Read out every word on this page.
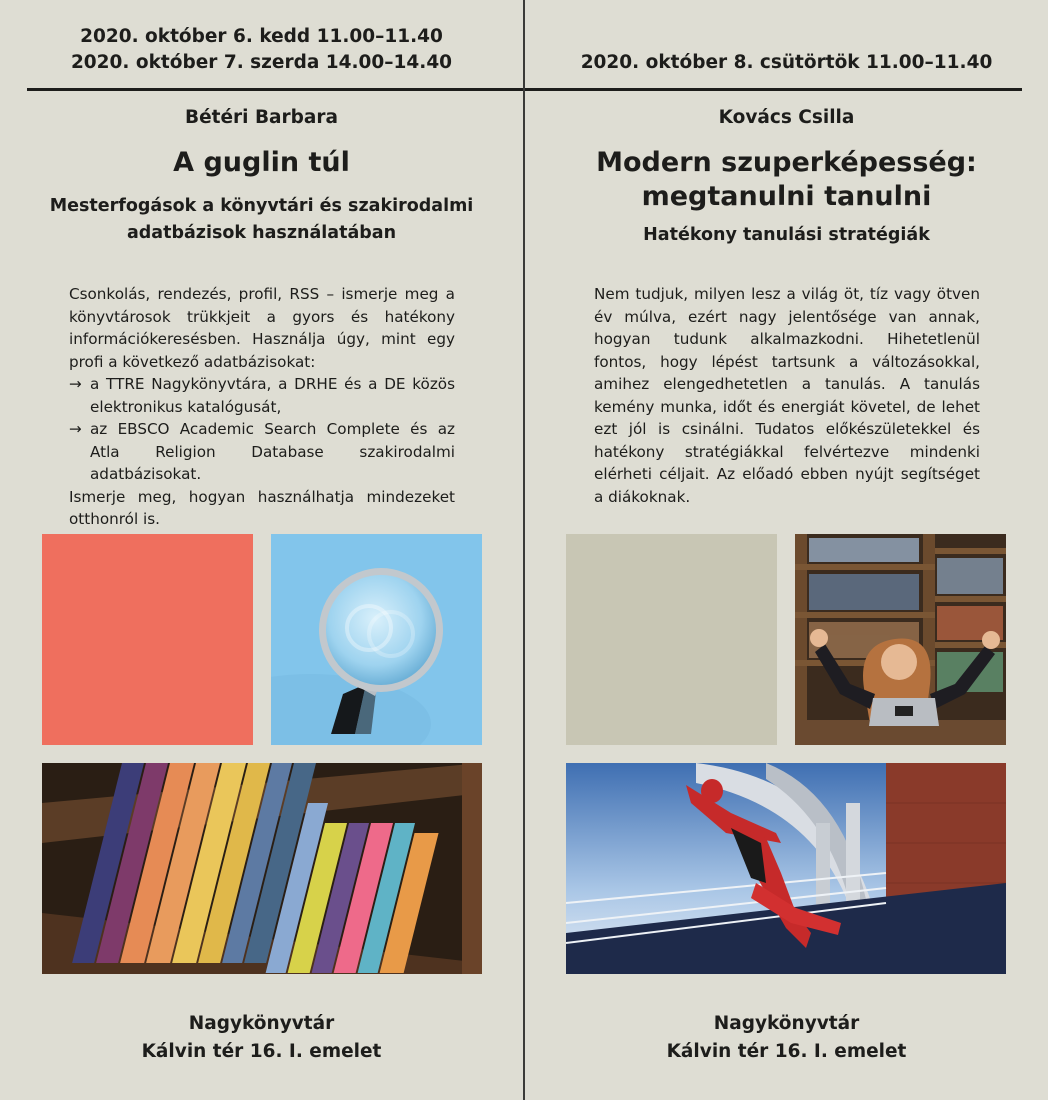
2020. október 6. kedd 11.00–11.40
2020. október 7. szerda 14.00–14.40
Bétéri Barbara
A guglin túl
Mesterfogások a könyvtári és szakirodalmi
adatbázisok használatában

Csonkolás, rendezés, profil, RSS – ismerje meg a könyvtárosok trükkjeit a gyors és hatékony információkeresésben. Használja úgy, mint egy profi a következő adatbázisokat:

→ a TTRE Nagykönyvtára, a DRHE és a DE közös elektronikus katalógusát,
→ az EBSCO Academic Search Complete és az Atla Religion Database szakirodalmi adatbázisokat.

Ismerje meg, hogyan használhatja mindezeket otthonról is.

Nagykönyvtár
Kálvin tér 16. I. emelet
2020. október 8. csütörtök 11.00–11.40
Kovács Csilla
Modern szuperképesség:
megtanulni tanulni
Hatékony tanulási stratégiák

Nem tudjuk, milyen lesz a világ öt, tíz vagy ötven év múlva, ezért nagy jelentősége van annak, hogyan tudunk alkalmazkodni. Hihetetlenül fontos, hogy lépést tartsunk a változásokkal, amihez elengedhetetlen a tanulás. A tanulás kemény munka, időt és energiát követel, de lehet ezt jól is csinálni. Tudatos előkészületekkel és hatékony stratégiákkal felvértezve mindenki elérheti céljait. Az előadó ebben nyújt segítséget a diákoknak.

Nagykönyvtár
Kálvin tér 16. I. emelet
